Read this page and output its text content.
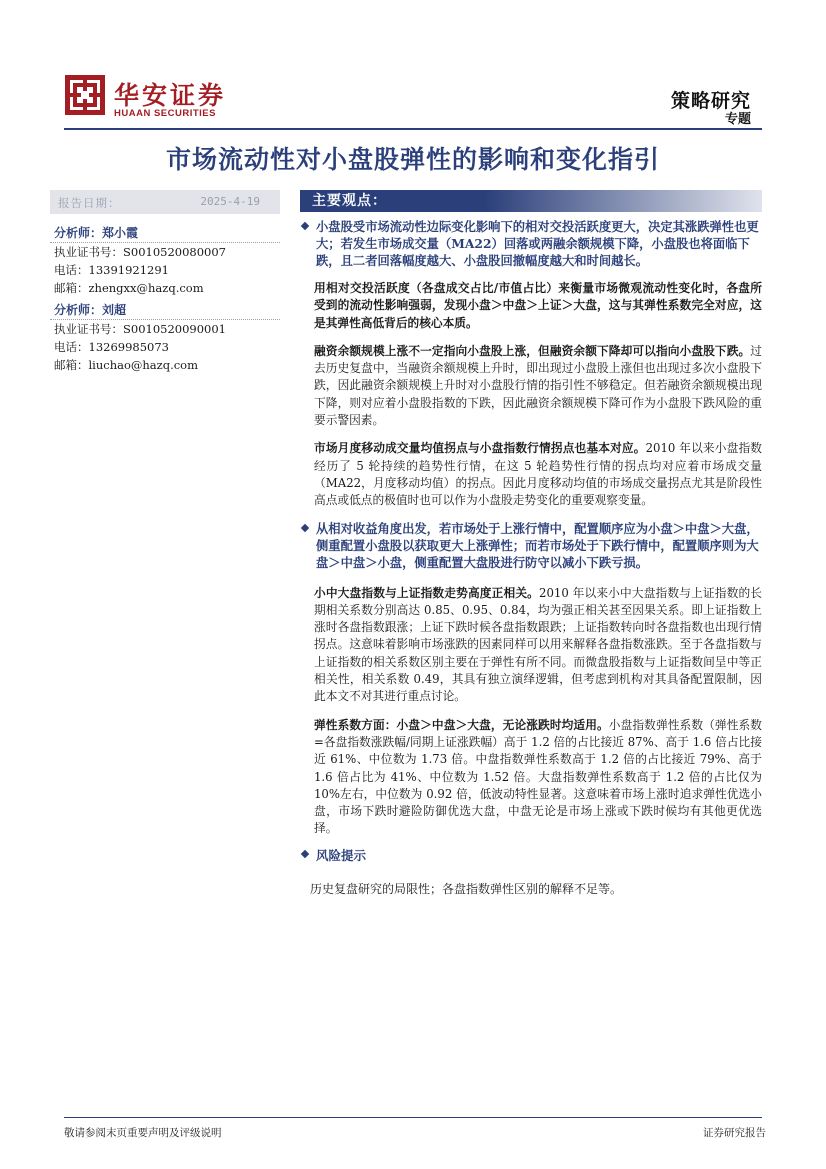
华安证券
HUAAN SECURITIES
策略研究
专题
市场流动性对小盘股弹性的影响和变化指引
报告日期：	2025-4-19
分析师：郑小霞
执业证书号：S0010520080007
电话：13391921291
邮箱：zhengxx@hazq.com
分析师：刘超
执业证书号：S0010520090001
电话：13269985073
邮箱：liuchao@hazq.com
主要观点：
小盘股受市场流动性边际变化影响下的相对交投活跃度更大，决定其涨跌弹性也更大；若发生市场成交量（MA22）回落或两融余额规模下降，小盘股也将面临下跌，且二者回落幅度越大、小盘股回撤幅度越大和时间越长。
用相对交投活跃度（各盘成交占比/市值占比）来衡量市场微观流动性变化时，各盘所受到的流动性影响强弱，发现小盘＞中盘＞上证＞大盘，这与其弹性系数完全对应，这是其弹性高低背后的核心本质。
融资余额规模上涨不一定指向小盘股上涨，但融资余额下降却可以指向小盘股下跌。过去历史复盘中，当融资余额规模上升时，即出现过小盘股上涨但也出现过多次小盘股下跌，因此融资余额规模上升时对小盘股行情的指引性不够稳定。但若融资余额规模出现下降，则对应着小盘股指数的下跌，因此融资余额规模下降可作为小盘股下跌风险的重要示警因素。
市场月度移动成交量均值拐点与小盘指数行情拐点也基本对应。2010 年以来小盘指数经历了 5 轮持续的趋势性行情，在这 5 轮趋势性行情的拐点均对应着市场成交量（MA22，月度移动均值）的拐点。因此月度移动均值的市场成交量拐点尤其是阶段性高点或低点的极值时也可以作为小盘股走势变化的重要观察变量。
从相对收益角度出发，若市场处于上涨行情中，配置顺序应为小盘＞中盘＞大盘，侧重配置小盘股以获取更大上涨弹性；而若市场处于下跌行情中，配置顺序则为大盘＞中盘＞小盘，侧重配置大盘股进行防守以减小下跌亏损。
小中大盘指数与上证指数走势高度正相关。2010 年以来小中大盘指数与上证指数的长期相关系数分别高达 0.85、0.95、0.84，均为强正相关甚至因果关系。即上证指数上涨时各盘指数跟涨；上证下跌时候各盘指数跟跌；上证指数转向时各盘指数也出现行情拐点。这意味着影响市场涨跌的因素同样可以用来解释各盘指数涨跌。至于各盘指数与上证指数的相关系数区别主要在于弹性有所不同。而微盘股指数与上证指数间呈中等正相关性，相关系数 0.49，其具有独立演绎逻辑，但考虑到机构对其具备配置限制，因此本文不对其进行重点讨论。
弹性系数方面：小盘＞中盘＞大盘，无论涨跌时均适用。小盘指数弹性系数（弹性系数=各盘指数涨跌幅/同期上证涨跌幅）高于 1.2 倍的占比接近 87%、高于 1.6 倍占比接近 61%、中位数为 1.73 倍。中盘指数弹性系数高于 1.2 倍的占比接近 79%、高于 1.6 倍占比为 41%、中位数为 1.52 倍。大盘指数弹性系数高于 1.2 倍的占比仅为 10%左右，中位数为 0.92 倍，低波动特性显著。这意味着市场上涨时追求弹性优选小盘，市场下跌时避险防御优选大盘，中盘无论是市场上涨或下跌时候均有其他更优选择。
风险提示
历史复盘研究的局限性；各盘指数弹性区别的解释不足等。
敬请参阅末页重要声明及评级说明	证券研究报告
